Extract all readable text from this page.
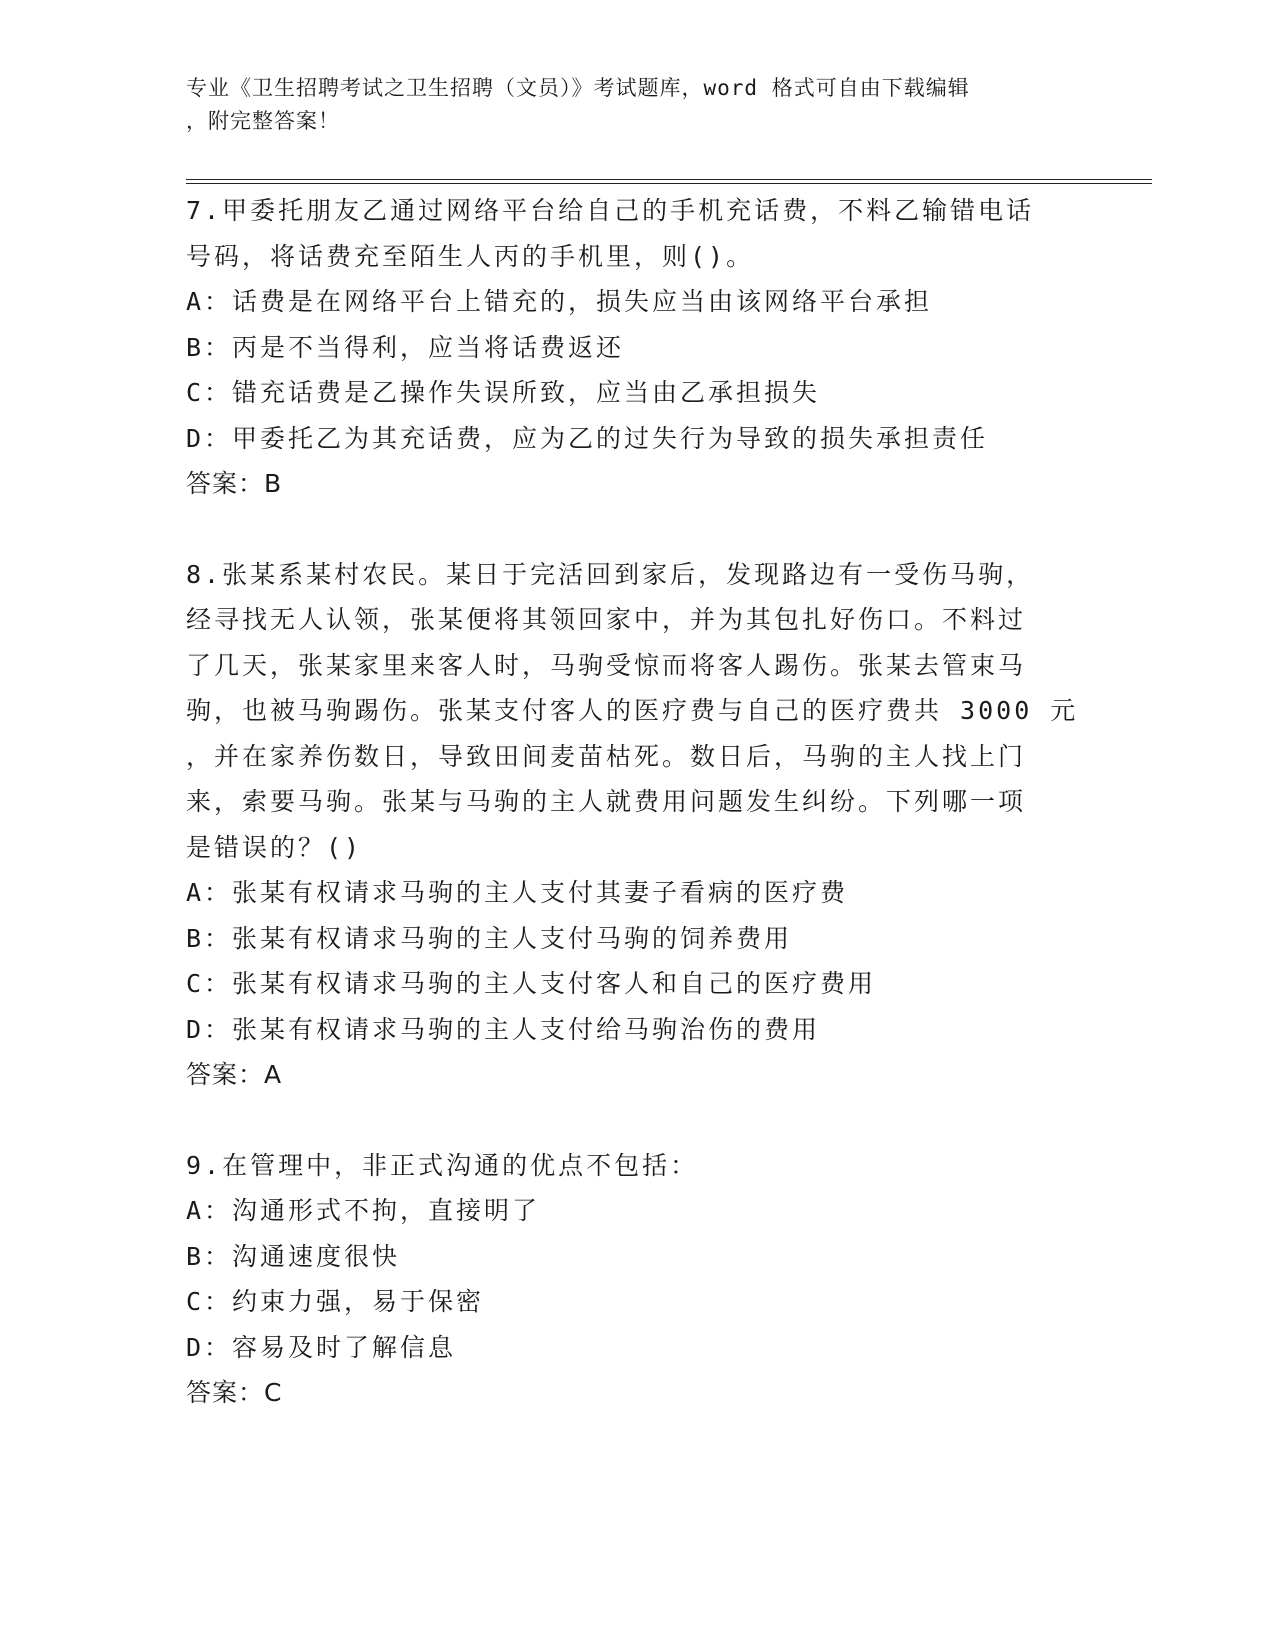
专业《卫生招聘考试之卫生招聘（文员）》考试题库，word 格式可自由下载编辑
，附完整答案！
7.甲委托朋友乙通过网络平台给自己的手机充话费，不料乙输错电话
号码，将话费充至陌生人丙的手机里，则()。
A：话费是在网络平台上错充的，损失应当由该网络平台承担
B：丙是不当得利，应当将话费返还
C：错充话费是乙操作失误所致，应当由乙承担损失
D：甲委托乙为其充话费，应为乙的过失行为导致的损失承担责任
答案：B
8.张某系某村农民。某日于完活回到家后，发现路边有一受伤马驹，
经寻找无人认领，张某便将其领回家中，并为其包扎好伤口。不料过
了几天，张某家里来客人时，马驹受惊而将客人踢伤。张某去管束马
驹，也被马驹踢伤。张某支付客人的医疗费与自己的医疗费共 3000 元
，并在家养伤数日，导致田间麦苗枯死。数日后，马驹的主人找上门
来，索要马驹。张某与马驹的主人就费用问题发生纠纷。下列哪一项
是错误的？()
A：张某有权请求马驹的主人支付其妻子看病的医疗费
B：张某有权请求马驹的主人支付马驹的饲养费用
C：张某有权请求马驹的主人支付客人和自己的医疗费用
D：张某有权请求马驹的主人支付给马驹治伤的费用
答案：A
9.在管理中，非正式沟通的优点不包括：
A：沟通形式不拘，直接明了
B：沟通速度很快
C：约束力强，易于保密
D：容易及时了解信息
答案：C
